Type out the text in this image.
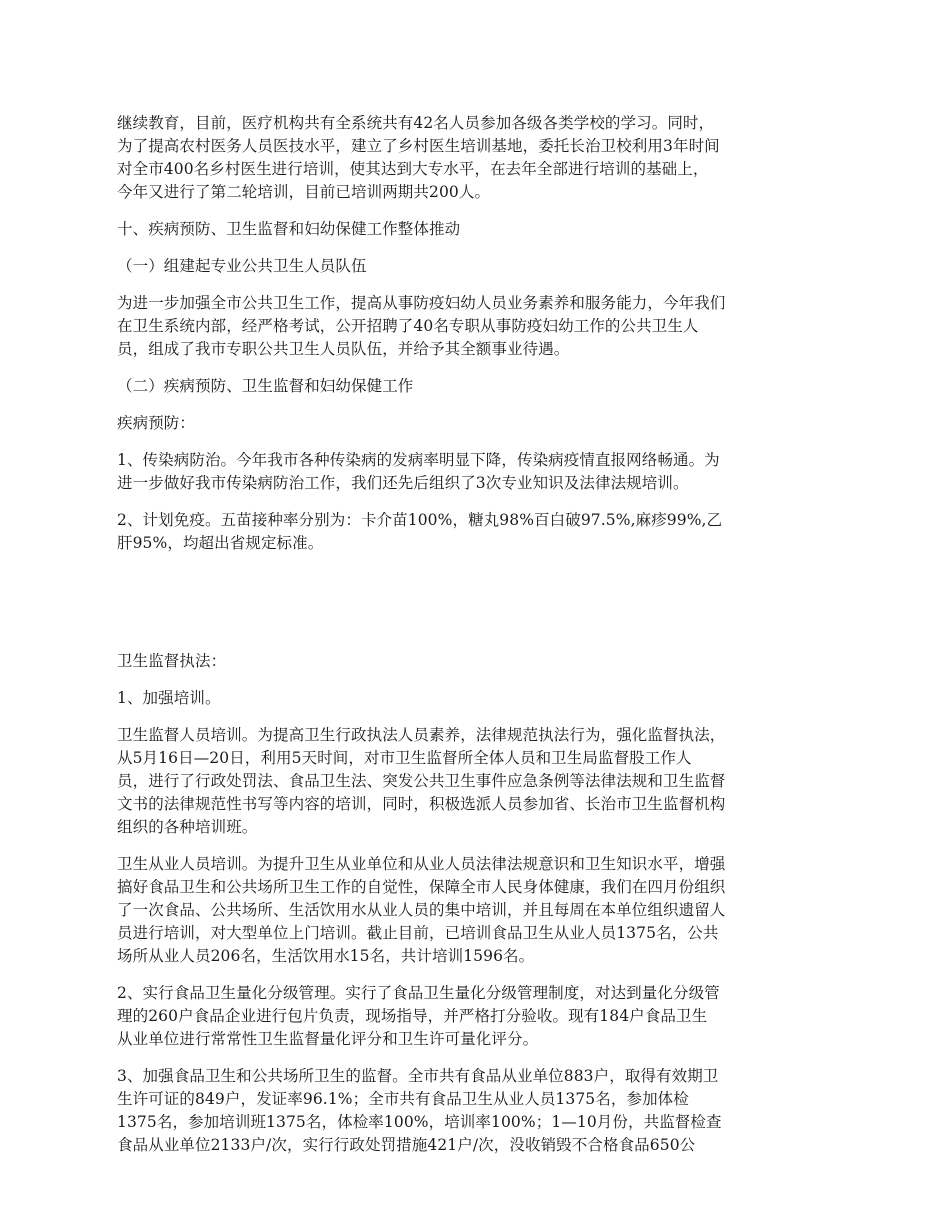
继续教育，目前，医疗机构共有全系统共有42名人员参加各级各类学校的学习。同时，
为了提高农村医务人员医技水平，建立了乡村医生培训基地，委托长治卫校利用3年时间
对全市400名乡村医生进行培训，使其达到大专水平，在去年全部进行培训的基础上，
今年又进行了第二轮培训，目前已培训两期共200人。

十、疾病预防、卫生监督和妇幼保健工作整体推动

（一）组建起专业公共卫生人员队伍

为进一步加强全市公共卫生工作，提高从事防疫妇幼人员业务素养和服务能力，今年我们
在卫生系统内部，经严格考试，公开招聘了40名专职从事防疫妇幼工作的公共卫生人
员，组成了我市专职公共卫生人员队伍，并给予其全额事业待遇。

（二）疾病预防、卫生监督和妇幼保健工作

疾病预防：

1、传染病防治。今年我市各种传染病的发病率明显下降，传染病疫情直报网络畅通。为
进一步做好我市传染病防治工作，我们还先后组织了3次专业知识及法律法规培训。

2、计划免疫。五苗接种率分别为：卡介苗100%，糖丸98%百白破97.5%,麻疹99%,乙
肝95%，均超出省规定标准。

卫生监督执法：

1、加强培训。

卫生监督人员培训。为提高卫生行政执法人员素养，法律规范执法行为，强化监督执法，
从5月16日—20日，利用5天时间，对市卫生监督所全体人员和卫生局监督股工作人
员，进行了行政处罚法、食品卫生法、突发公共卫生事件应急条例等法律法规和卫生监督
文书的法律规范性书写等内容的培训，同时，积极选派人员参加省、长治市卫生监督机构
组织的各种培训班。

卫生从业人员培训。为提升卫生从业单位和从业人员法律法规意识和卫生知识水平，增强
搞好食品卫生和公共场所卫生工作的自觉性，保障全市人民身体健康，我们在四月份组织
了一次食品、公共场所、生活饮用水从业人员的集中培训，并且每周在本单位组织遗留人
员进行培训，对大型单位上门培训。截止目前，已培训食品卫生从业人员1375名，公共
场所从业人员206名，生活饮用水15名，共计培训1596名。

2、实行食品卫生量化分级管理。实行了食品卫生量化分级管理制度，对达到量化分级管
理的260户食品企业进行包片负责，现场指导，并严格打分验收。现有184户食品卫生
从业单位进行常常性卫生监督量化评分和卫生许可量化评分。

3、加强食品卫生和公共场所卫生的监督。全市共有食品从业单位883户，取得有效期卫
生许可证的849户，发证率96.1%；全市共有食品卫生从业人员1375名，参加体检
1375名，参加培训班1375名，体检率100%，培训率100%；1—10月份，共监督检查
食品从业单位2133户/次，实行行政处罚措施421户/次，没收销毁不合格食品650公
